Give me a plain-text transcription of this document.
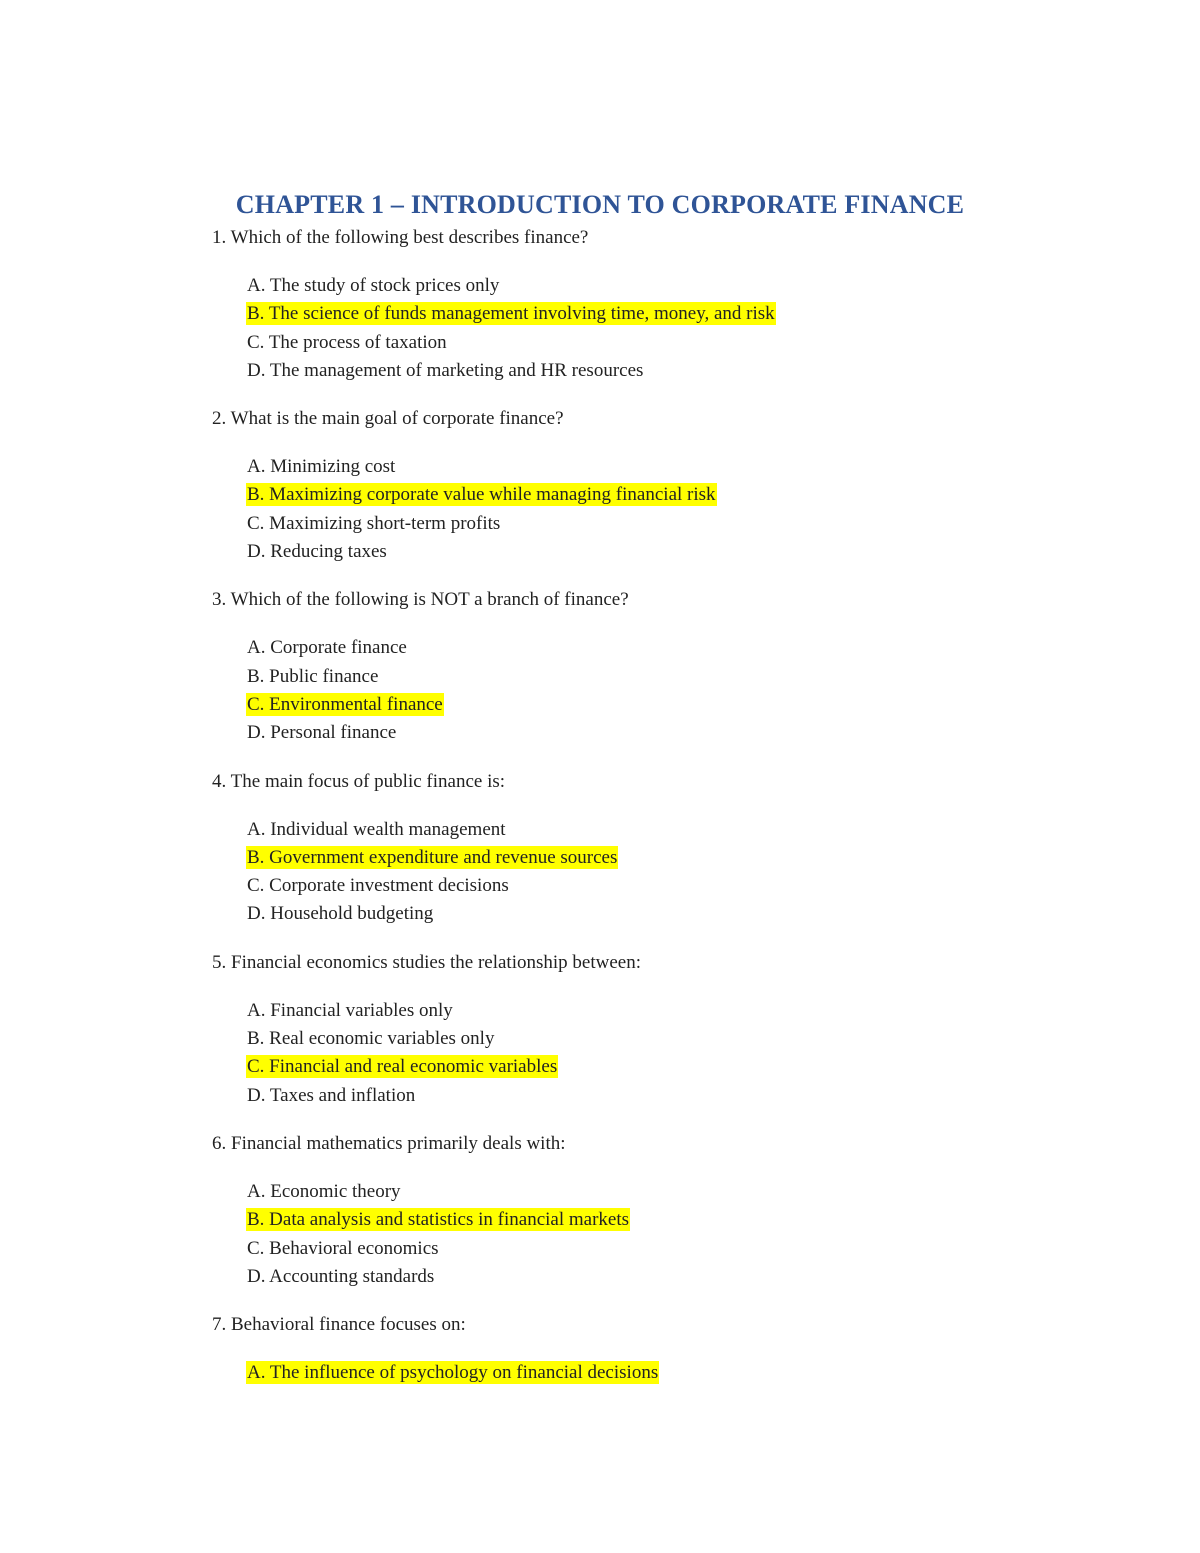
CHAPTER 1 – INTRODUCTION TO CORPORATE FINANCE
1. Which of the following best describes finance?
A. The study of stock prices only
B. The science of funds management involving time, money, and risk
C. The process of taxation
D. The management of marketing and HR resources
2. What is the main goal of corporate finance?
A. Minimizing cost
B. Maximizing corporate value while managing financial risk
C. Maximizing short-term profits
D. Reducing taxes
3. Which of the following is NOT a branch of finance?
A. Corporate finance
B. Public finance
C. Environmental finance
D. Personal finance
4. The main focus of public finance is:
A. Individual wealth management
B. Government expenditure and revenue sources
C. Corporate investment decisions
D. Household budgeting
5. Financial economics studies the relationship between:
A. Financial variables only
B. Real economic variables only
C. Financial and real economic variables
D. Taxes and inflation
6. Financial mathematics primarily deals with:
A. Economic theory
B. Data analysis and statistics in financial markets
C. Behavioral economics
D. Accounting standards
7. Behavioral finance focuses on:
A. The influence of psychology on financial decisions
